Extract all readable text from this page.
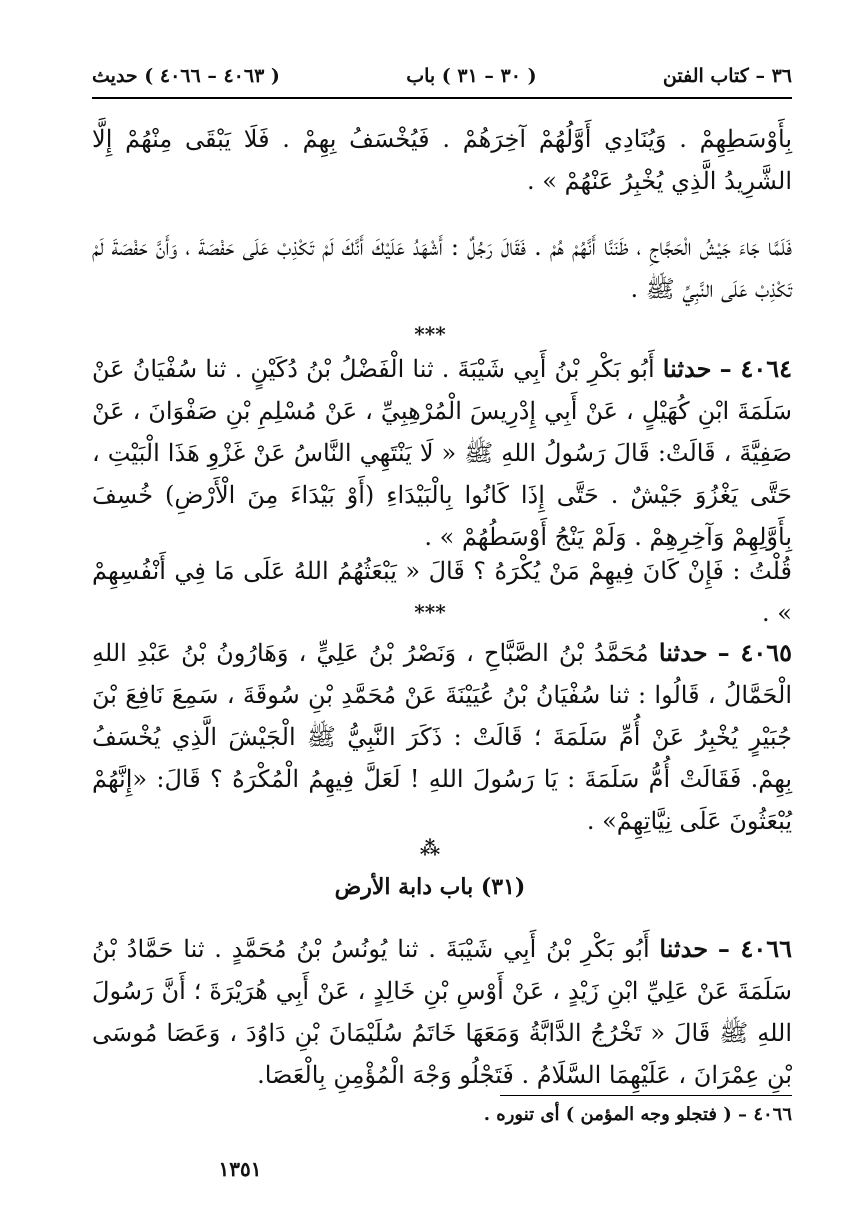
٣٦ – كتاب الفتن
( ٣٠ – ٣١ ) باب
( ٤٠٦٣ – ٤٠٦٦ ) حديث
بِأَوْسَطِهِمْ . وَيُنَادِي أَوَّلُهُمْ آخِرَهُمْ . فَيُخْسَفُ بِهِمْ . فَلَا يَبْقَى مِنْهُمْ إِلَّا الشَّرِيدُ الَّذِي يُخْبِرُ عَنْهُمْ » .
فَلَمَّا جَاءَ جَيْشُ الْحَجَّاجِ ، ظَنَنَّا أَنَّهُمْ هُمْ . فَقَالَ رَجُلٌ : أَشْهَدُ عَلَيْكَ أَنَّكَ لَمْ تَكْذِبْ عَلَى حَفْصَةَ ، وَأَنَّ حَفْصَةَ لَمْ تَكْذِبْ عَلَى النَّبِيِّ ﷺ .
***
٤٠٦٤ – حدثنا أَبُو بَكْرِ بْنُ أَبِي شَيْبَةَ . ثنا الْفَضْلُ بْنُ دُكَيْنٍ . ثنا سُفْيَانُ عَنْ سَلَمَةَ ابْنِ كُهَيْلٍ ، عَنْ أَبِي إِدْرِيسَ الْمُرْهِبِيِّ ، عَنْ مُسْلِمِ بْنِ صَفْوَانَ ، عَنْ صَفِيَّةَ ، قَالَتْ: قَالَ رَسُولُ اللهِ ﷺ « لَا يَنْتَهِي النَّاسُ عَنْ غَزْوِ هَذَا الْبَيْتِ ، حَتَّى يَغْزُوَ جَيْشٌ . حَتَّى إِذَا كَانُوا بِالْبَيْدَاءِ (أَوْ بَيْدَاءَ مِنَ الْأَرْضِ) خُسِفَ بِأَوَّلِهِمْ وَآخِرِهِمْ . وَلَمْ يَنْجُ أَوْسَطُهُمْ » .
قُلْتُ : فَإِنْ كَانَ فِيهِمْ مَنْ يُكْرَهُ ؟ قَالَ « يَبْعَثُهُمُ اللهُ عَلَى مَا فِي أَنْفُسِهِمْ » .
***
٤٠٦٥ – حدثنا مُحَمَّدُ بْنُ الصَّبَّاحِ ، وَنَصْرُ بْنُ عَلِيٍّ ، وَهَارُونُ بْنُ عَبْدِ اللهِ الْحَمَّالُ ، قَالُوا : ثنا سُفْيَانُ بْنُ عُيَيْنَةَ عَنْ مُحَمَّدِ بْنِ سُوقَةَ ، سَمِعَ نَافِعَ بْنَ جُبَيْرٍ يُخْبِرُ عَنْ أُمِّ سَلَمَةَ ؛ قَالَتْ : ذَكَرَ النَّبِيُّ ﷺ الْجَيْشَ الَّذِي يُخْسَفُ بِهِمْ. فَقَالَتْ أُمُّ سَلَمَةَ : يَا رَسُولَ اللهِ ! لَعَلَّ فِيهِمُ الْمُكْرَهُ ؟ قَالَ: «إِنَّهُمْ يُبْعَثُونَ عَلَى نِيَّاتِهِمْ» .
⁂
(٣١) باب دابة الأرض
٤٠٦٦ – حدثنا أَبُو بَكْرِ بْنُ أَبِي شَيْبَةَ . ثنا يُونُسُ بْنُ مُحَمَّدٍ . ثنا حَمَّادُ بْنُ سَلَمَةَ عَنْ عَلِيِّ ابْنِ زَيْدٍ ، عَنْ أَوْسِ بْنِ خَالِدٍ ، عَنْ أَبِي هُرَيْرَةَ ؛ أَنَّ رَسُولَ اللهِ ﷺ قَالَ « تَخْرُجُ الدَّابَّةُ وَمَعَهَا خَاتَمُ سُلَيْمَانَ بْنِ دَاوُدَ ، وَعَصَا مُوسَى بْنِ عِمْرَانَ ، عَلَيْهِمَا السَّلَامُ . فَتَجْلُو وَجْهَ الْمُؤْمِنِ بِالْعَصَا.
٤٠٦٦ – ( فتجلو وجه المؤمن ) أى تنوره .
١٣٥١
